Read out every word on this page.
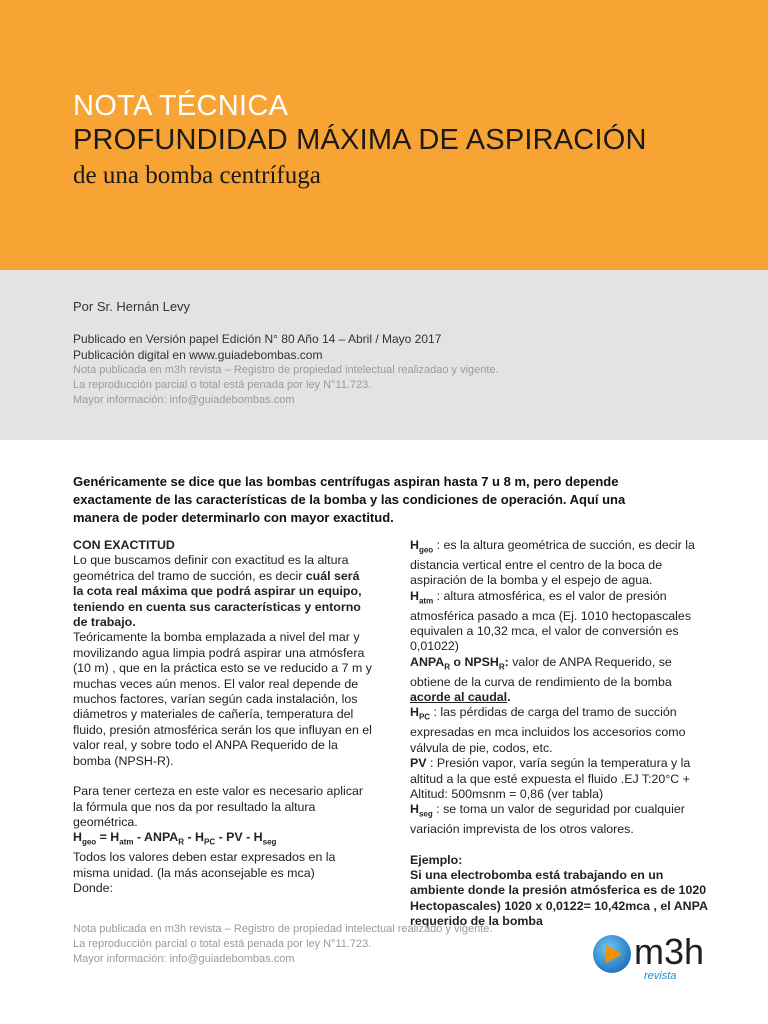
NOTA TÉCNICA
PROFUNDIDAD MÁXIMA DE ASPIRACIÓN
de una bomba centrífuga
Por Sr. Hernán Levy
Publicado en Versión papel Edición N° 80 Año 14 – Abril / Mayo 2017
Publicación digital en www.guiadebombas.com
Nota publicada en m3h revista – Registro de propiedad intelectual realizadao y vigente.
La reproducción parcial o total está penada por ley N°11.723.
Mayor información: info@guiadebombas.com
Genéricamente se dice que las bombas centrífugas aspiran hasta 7 u 8 m, pero depende exactamente de las características de la bomba y las condiciones de operación. Aquí una manera de poder determinarlo con mayor exactitud.
CON EXACTITUD
Lo que buscamos definir con exactitud es la altura geométrica del tramo de succión, es decir cuál será la cota real máxima que podrá aspirar un equipo, teniendo en cuenta sus características y entorno de trabajo.
Teóricamente la bomba emplazada a nivel del mar y movilizando agua limpia podrá aspirar una atmósfera (10 m) , que en la práctica esto se ve reducido a 7 m y muchas veces aún menos. El valor real depende de muchos factores, varían según cada instalación, los diámetros y materiales de cañería, temperatura del fluido, presión atmosférica serán los que influyan en el valor real, y sobre todo el ANPA Requerido de la bomba (NPSH-R).
Para tener certeza en este valor es necesario aplicar la fórmula que nos da por resultado la altura geométrica.
$H_{geo} = H_{atm}$ - $ANPA_R - H_{PC}$ - PV - $H_{seg}$
Todos los valores deben estar expresados en la misma unidad. (la más aconsejable es mca)
Donde:
$H_{geo}$ : es la altura geométrica de succión, es decir la distancia vertical entre el centro de la boca de aspiración de la bomba y el espejo de agua.
$H_{atm}$ : altura atmosférica, es el valor de presión atmosférica pasado a mca (Ej. 1010 hectopascales equivalen a 10,32 mca, el valor de conversión es 0,01022)
$ANPA_R$ o $NPSH_R$: valor de ANPA Requerido, se obtiene de la curva de rendimiento de la bomba acorde al caudal.
$H_{PC}$ : las pérdidas de carga del tramo de succión expresadas en mca incluidos los accesorios como válvula de pie, codos, etc.
PV : Presión vapor, varía según la temperatura y la altitud a la que esté expuesta el fluido .EJ T:20°C + Altitud: 500msnm = 0,86 (ver tabla)
$H_{seg}$ : se toma un valor de seguridad por cualquier variación imprevista de los otros valores.
Ejemplo:
Si una electrobomba está trabajando en un ambiente donde la presión atmósferica es de 1020 Hectopascales) 1020 x 0,0122= 10,42mca , el ANPA requerido de la bomba
Nota publicada en m3h revista – Registro de propiedad intelectual realizado y vigente.
La reproducción parcial o total está penada por ley N°11.723.
Mayor información: info@guiadebombas.com	m3h
revista
